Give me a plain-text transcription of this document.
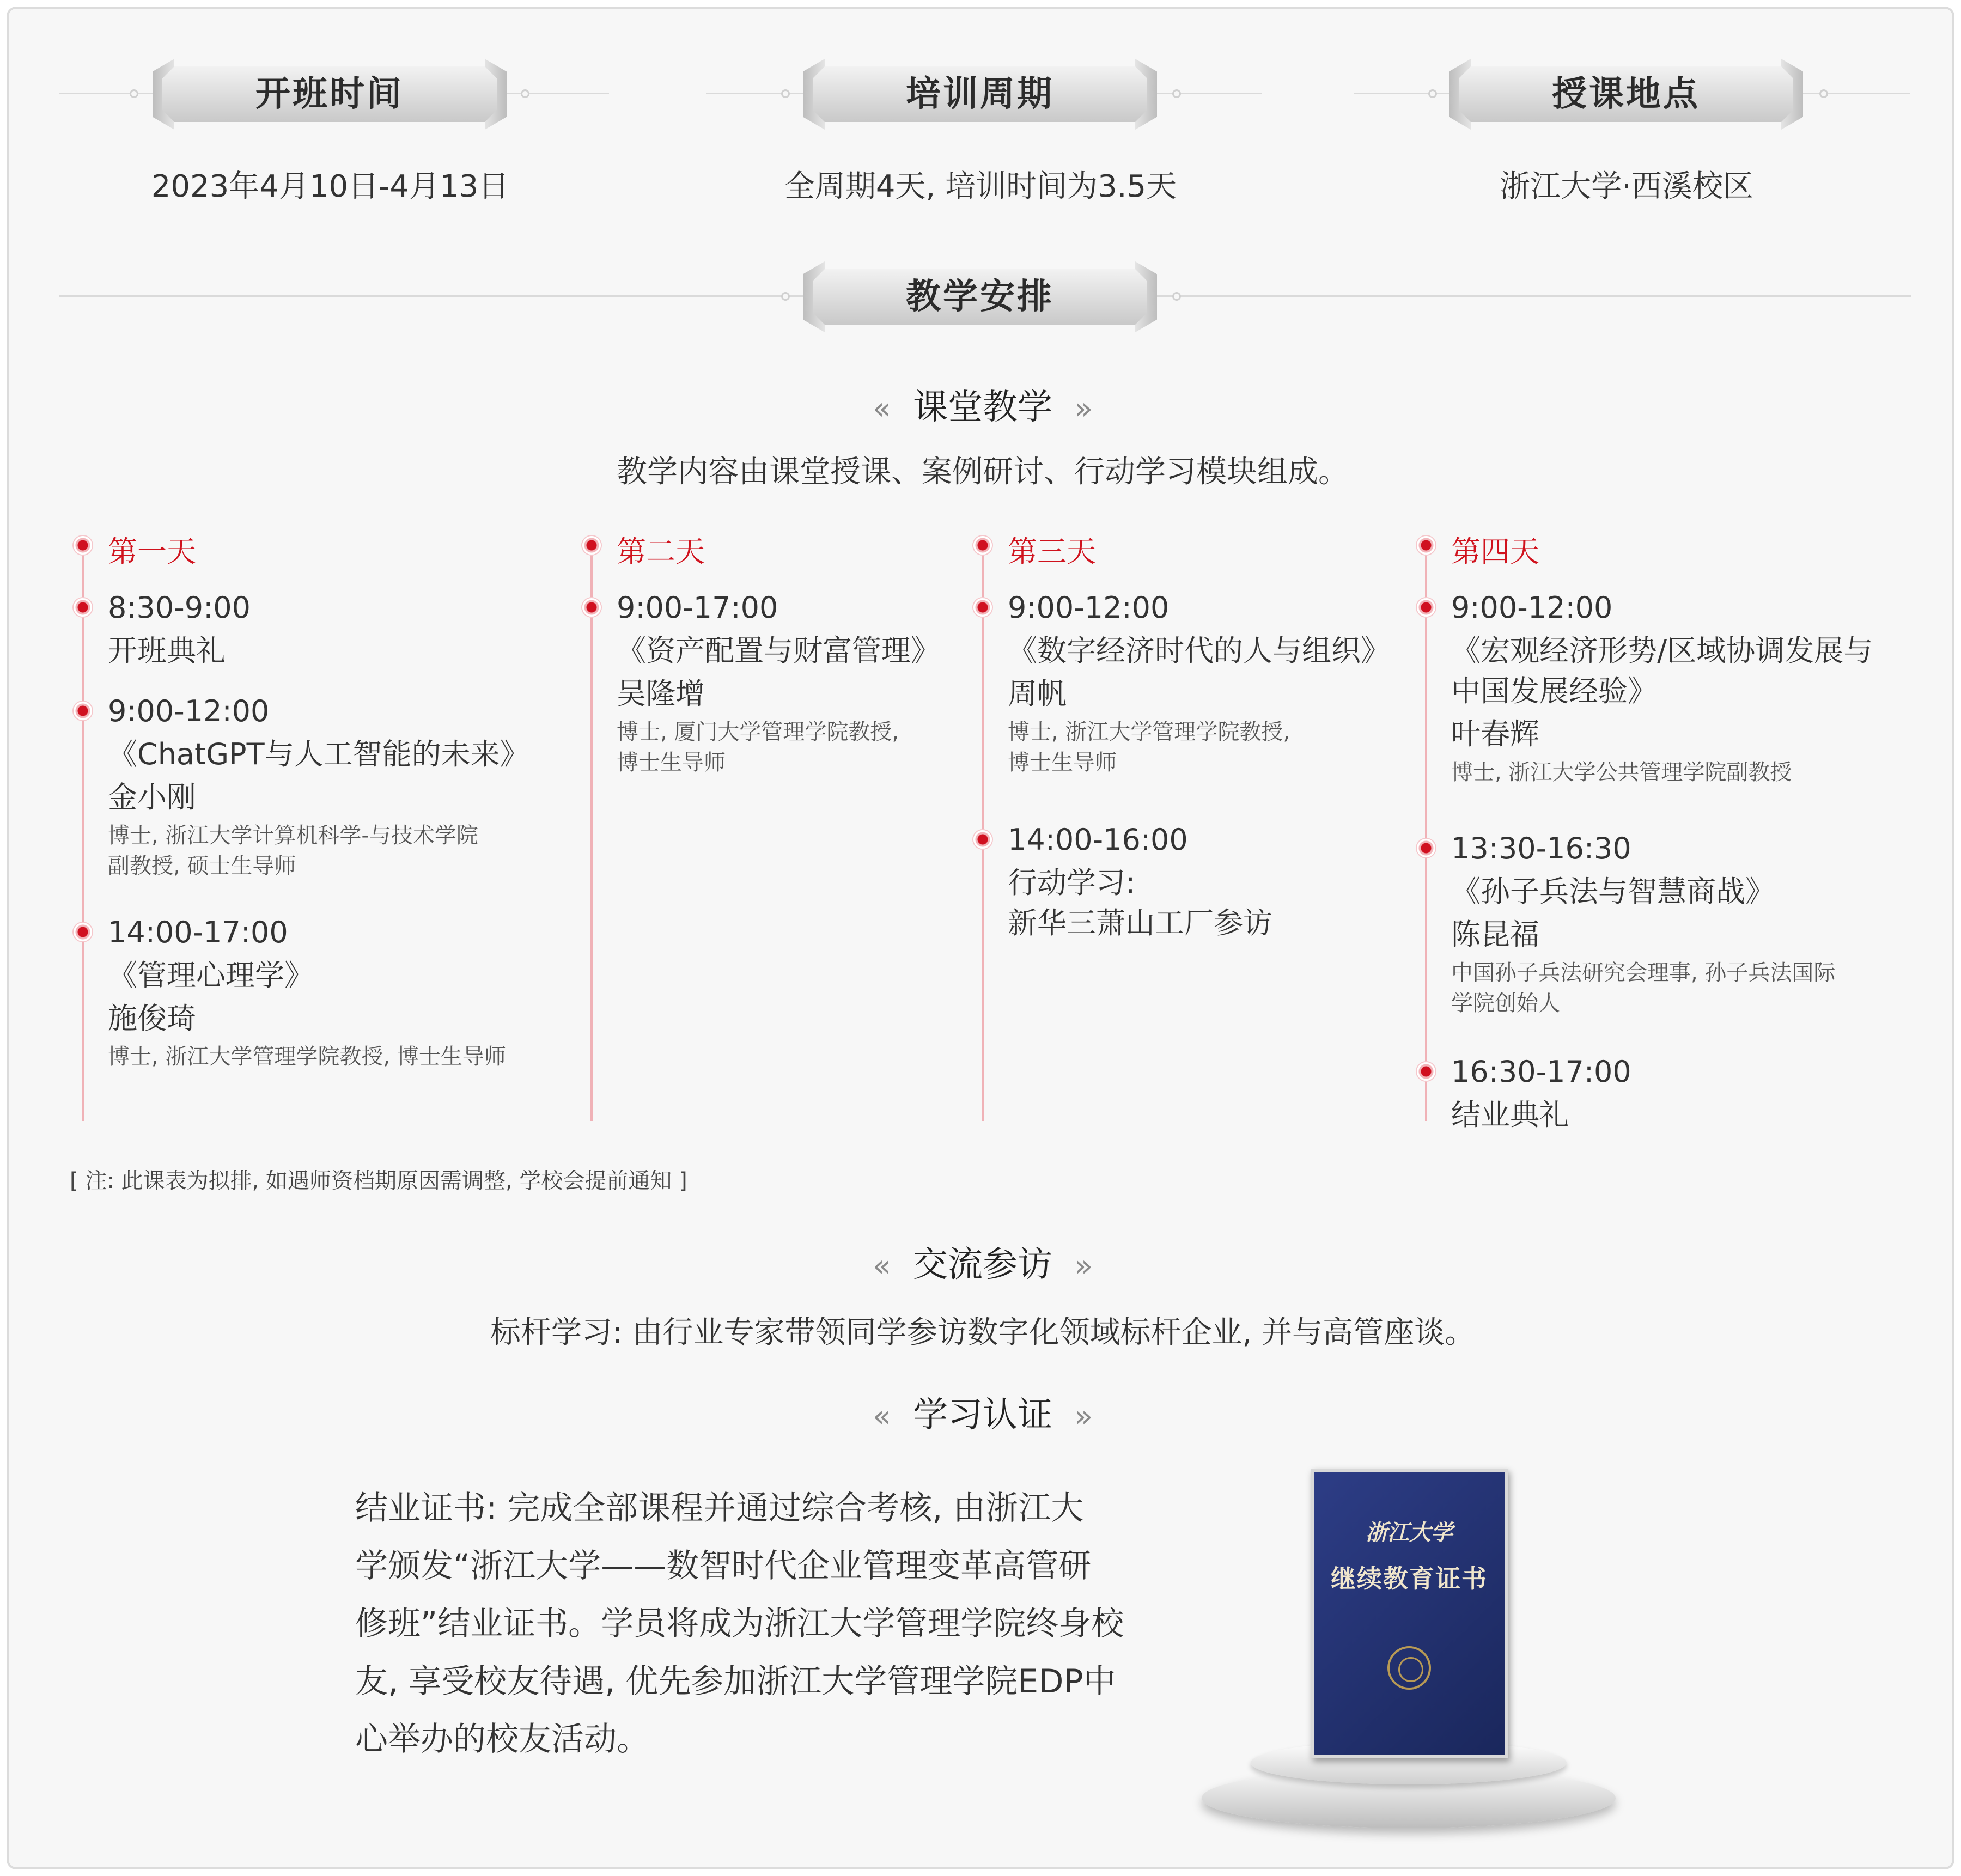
开班时间	培训周期	授课地点
2023年4月10日-4月13日	全周期4天, 培训时间为3.5天	浙江大学·西溪校区
教学安排
« 课堂教学 »
教学内容由课堂授课、案例研讨、行动学习模块组成。
第一天
8:30-9:00
开班典礼
9:00-12:00
《ChatGPT与人工智能的未来》
金小刚
博士, 浙江大学计算机科学-与技术学院
副教授, 硕士生导师
14:00-17:00
《管理心理学》
施俊琦
博士, 浙江大学管理学院教授, 博士生导师
第二天
9:00-17:00
《资产配置与财富管理》
吴隆增
博士, 厦门大学管理学院教授,
博士生导师
第三天
9:00-12:00
《数字经济时代的人与组织》
周帆
博士, 浙江大学管理学院教授,
博士生导师
14:00-16:00
行动学习:
新华三萧山工厂参访
第四天
9:00-12:00
《宏观经济形势/区域协调发展与
中国发展经验》
叶春辉
博士, 浙江大学公共管理学院副教授
13:30-16:30
《孙子兵法与智慧商战》
陈昆福
中国孙子兵法研究会理事, 孙子兵法国际
学院创始人
16:30-17:00
结业典礼
[ 注: 此课表为拟排, 如遇师资档期原因需调整, 学校会提前通知 ]
« 交流参访 »
标杆学习: 由行业专家带领同学参访数字化领域标杆企业, 并与高管座谈。
« 学习认证 »
结业证书: 完成全部课程并通过综合考核, 由浙江大
学颁发“浙江大学——数智时代企业管理变革高管研
修班”结业证书。学员将成为浙江大学管理学院终身校
友, 享受校友待遇, 优先参加浙江大学管理学院EDP中
心举办的校友活动。
浙江大学
继续教育证书
